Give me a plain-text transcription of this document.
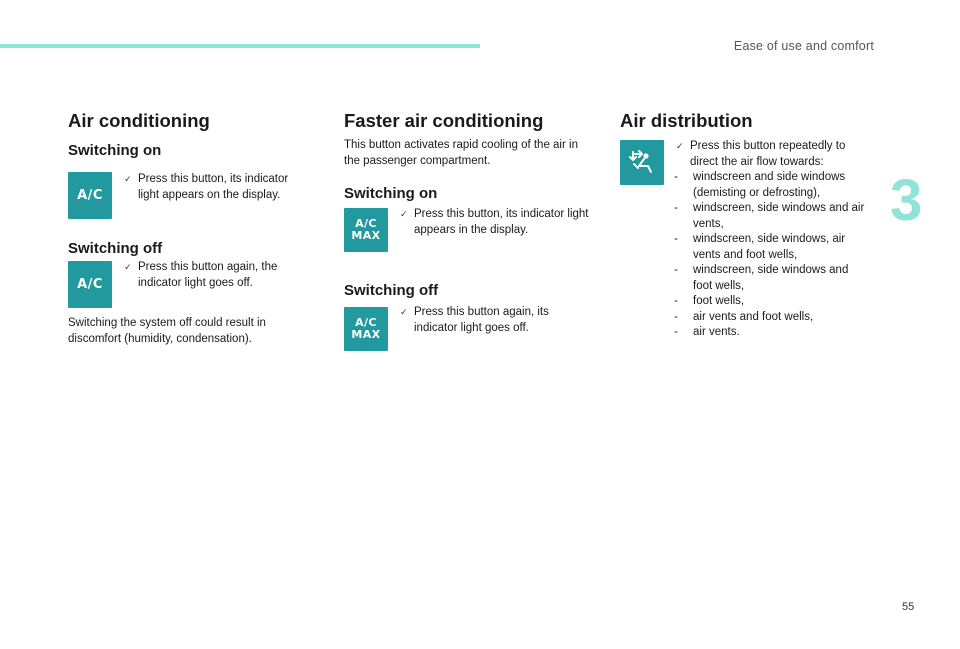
Ease of use and comfort
3
55
Air conditioning
Switching on
A/C
✓ Press this button, its indicator light appears on the display.
Switching off
A/C
✓ Press this button again, the indicator light goes off.

Switching the system off could result in discomfort (humidity, condensation).

Faster air conditioning

This button activates rapid cooling of the air in the passenger compartment.

Switching on
A/C
MAX
✓ Press this button, its indicator light appears in the display.
Switching off
A/C
MAX
✓ Press this button again, its indicator light goes off.
Air distribution
✓ Press this button repeatedly to direct the air flow towards:
-	windscreen and side windows (demisting or defrosting),
-	windscreen, side windows and air vents,
-	windscreen, side windows, air vents and foot wells,
-	windscreen, side windows and foot wells,
-	foot wells,
-	air vents and foot wells,
-	air vents.
